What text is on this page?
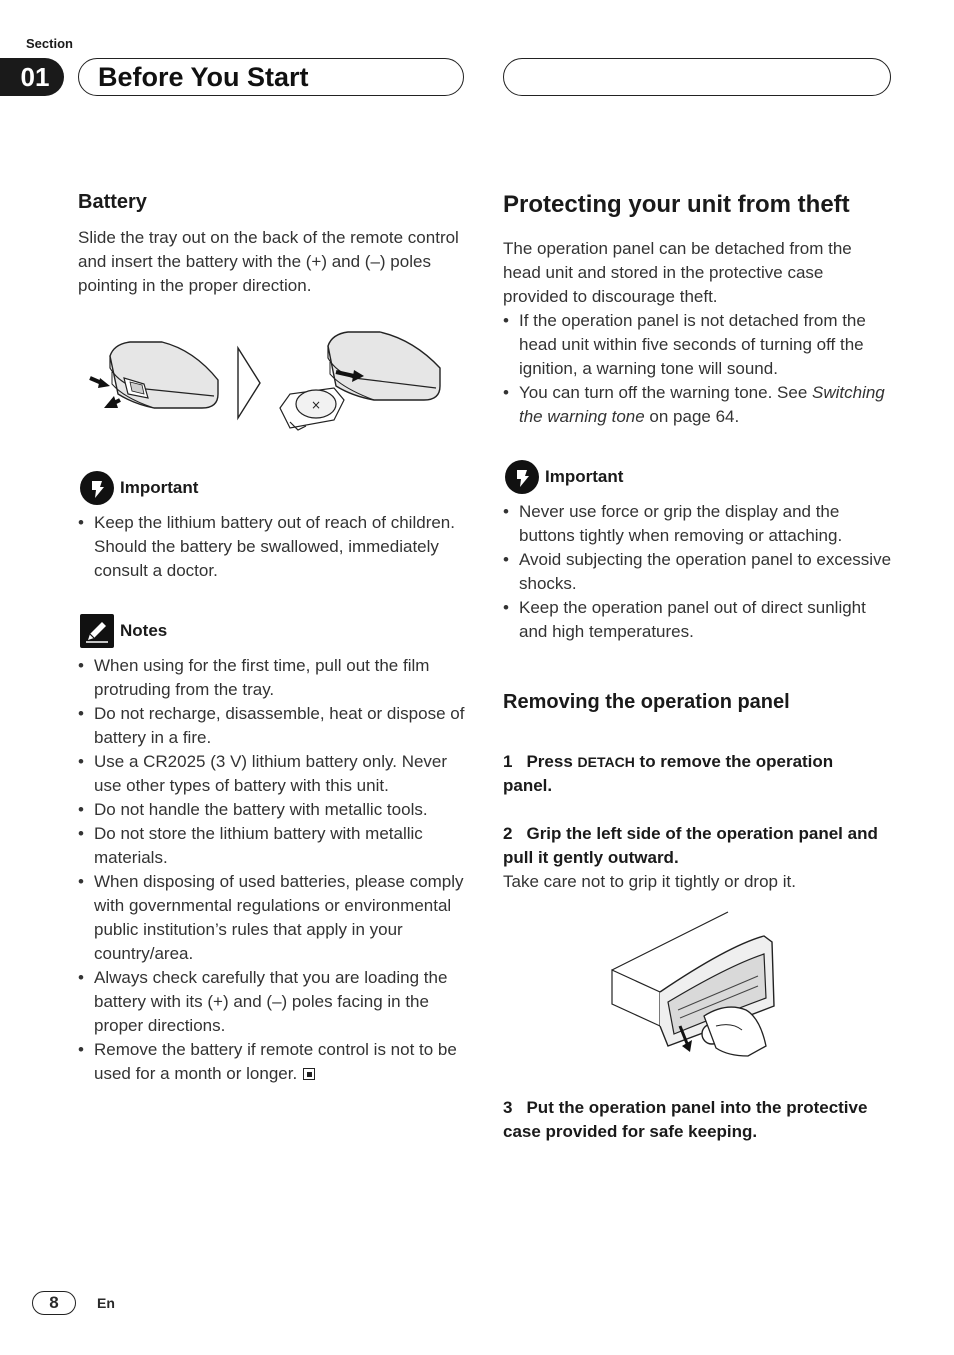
Section
01	Before You Start
Battery

Slide the tray out on the back of the remote control and insert the battery with the (+) and (–) poles pointing in the proper direction.

×
Important
• Keep the lithium battery out of reach of children. Should the battery be swallowed, immediately consult a doctor.
Notes
• When using for the first time, pull out the film protruding from the tray.
• Do not recharge, disassemble, heat or dispose of battery in a fire.
• Use a CR2025 (3 V) lithium battery only. Never use other types of battery with this unit.
• Do not handle the battery with metallic tools.
• Do not store the lithium battery with metallic materials.
• When disposing of used batteries, please comply with governmental regulations or environmental public institution’s rules that apply in your country/area.
• Always check carefully that you are loading the battery with its (+) and (–) poles facing in the proper directions.
• Remove the battery if remote control is not to be used for a month or longer.
Protecting your unit from theft

The operation panel can be detached from the head unit and stored in the protective case provided to discourage theft.

• If the operation panel is not detached from the head unit within five seconds of turning off the ignition, a warning tone will sound.
• You can turn off the warning tone. See Switching the warning tone on page 64.
Important
• Never use force or grip the display and the buttons tightly when removing or attaching.
• Avoid subjecting the operation panel to excessive shocks.
• Keep the operation panel out of direct sunlight and high temperatures.
Removing the operation panel

1 Press DETACH to remove the operation panel.

2 Grip the left side of the operation panel and pull it gently outward.

Take care not to grip it tightly or drop it.

3 Put the operation panel into the protective case provided for safe keeping.

8	En
